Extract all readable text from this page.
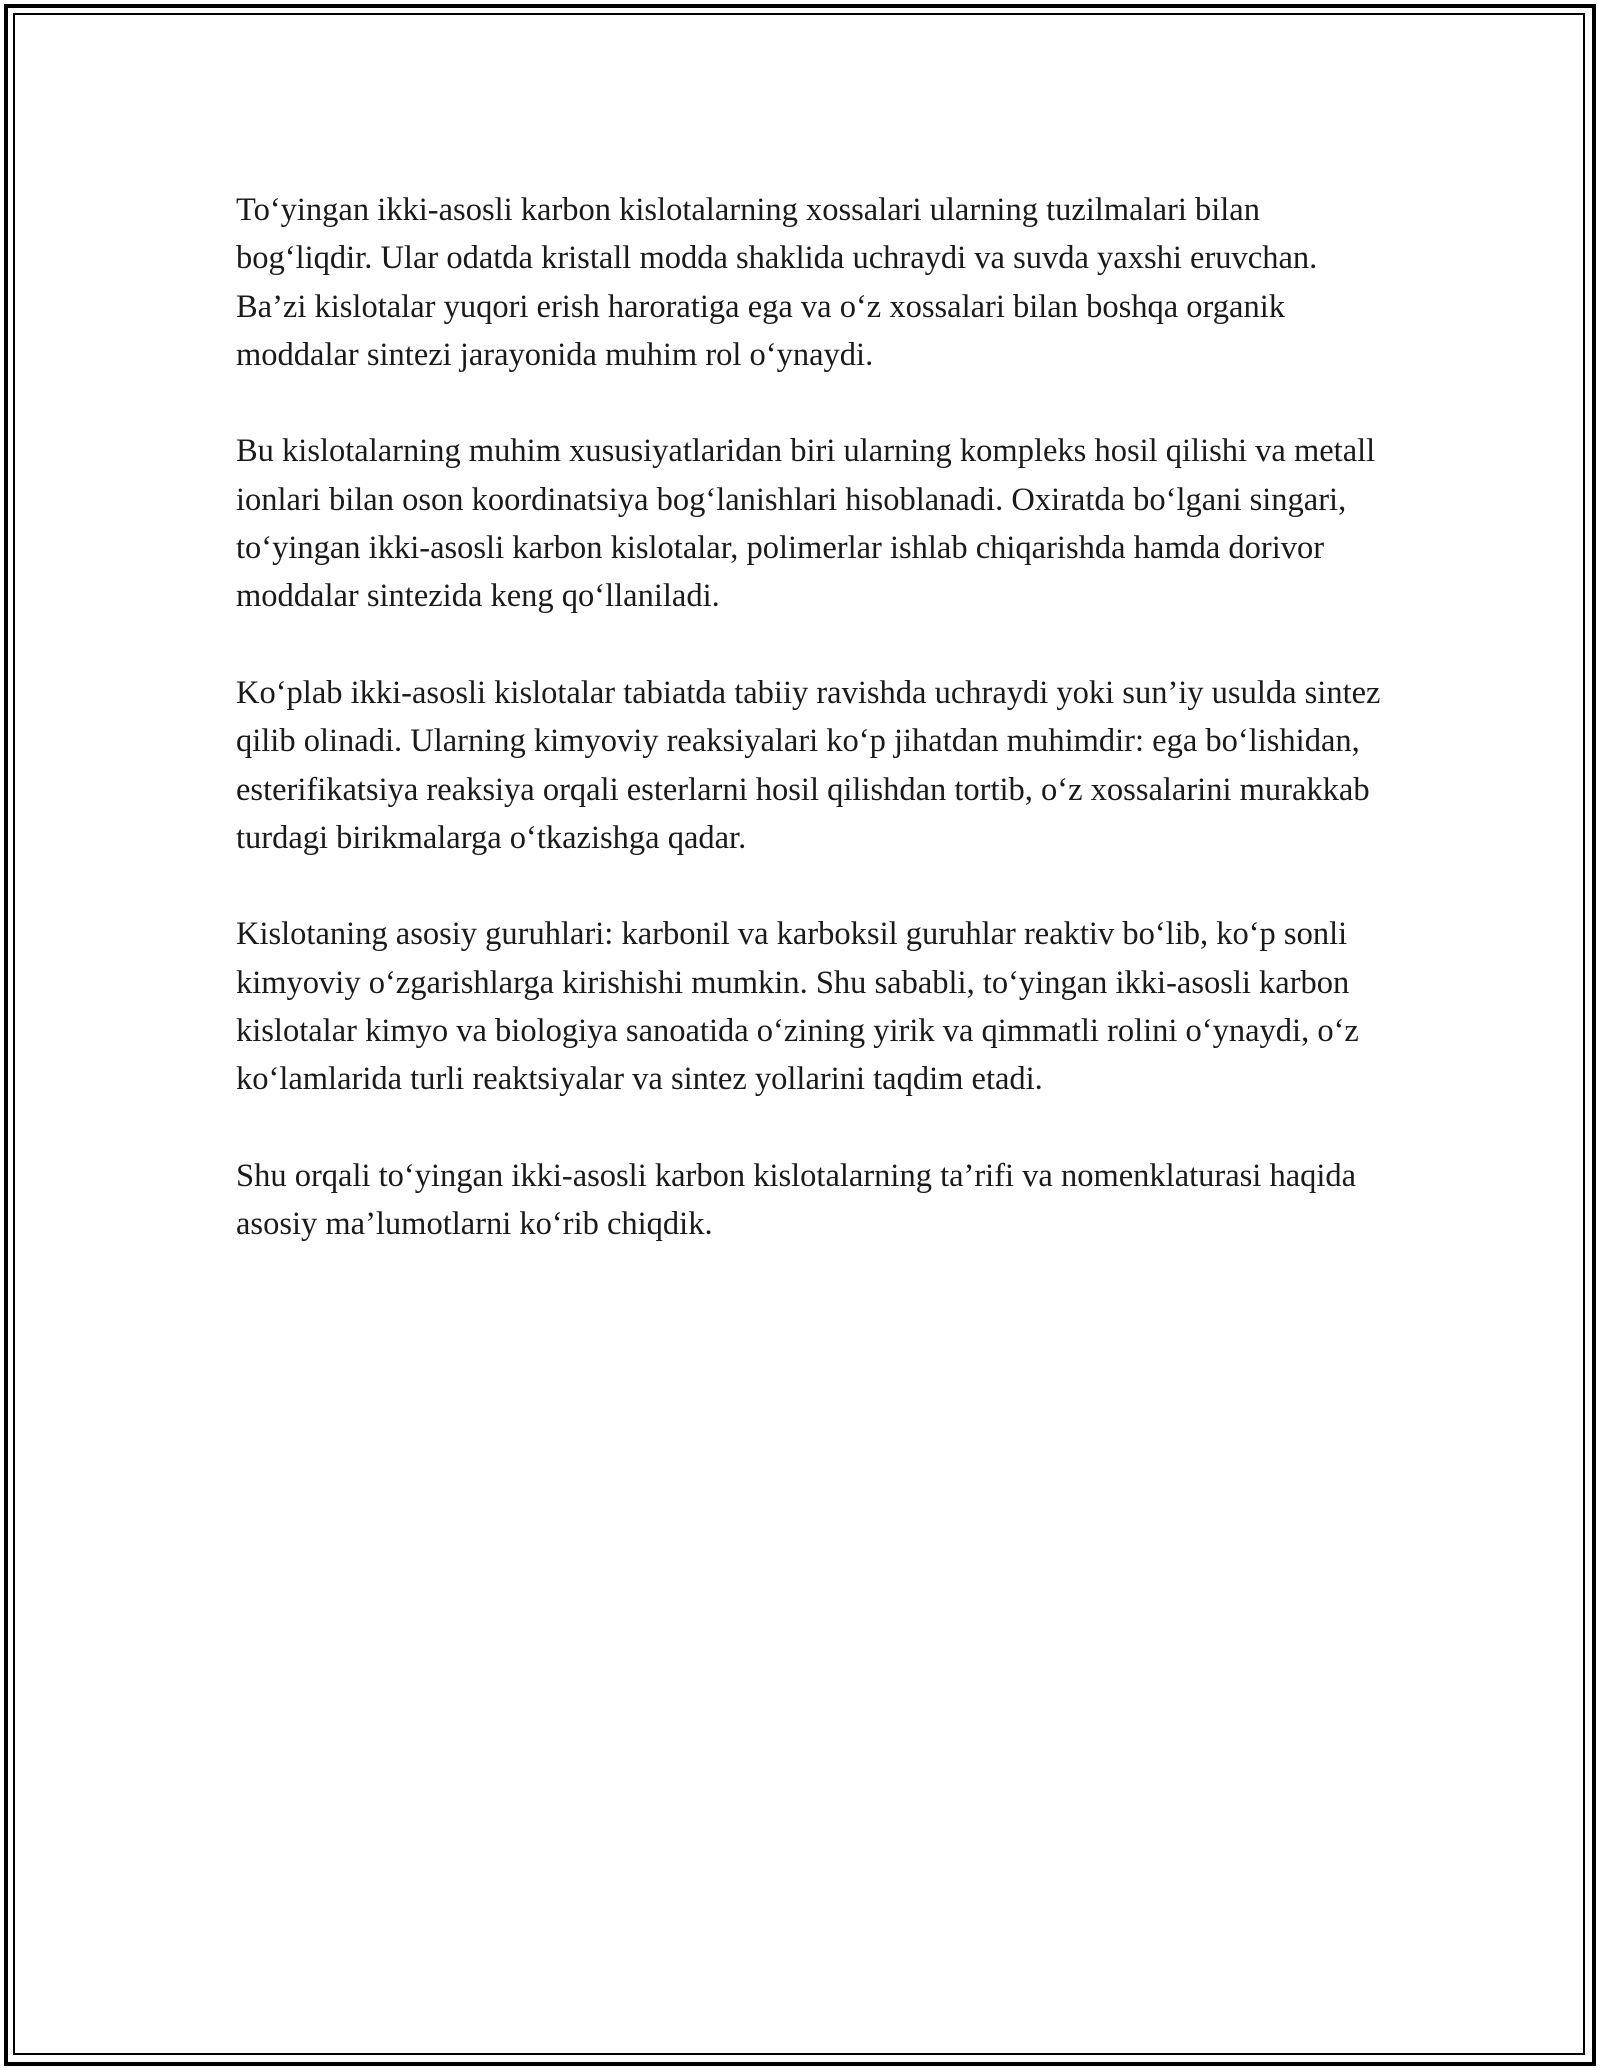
To‘yingan ikki-asosli karbon kislotalarning xossalari ularning tuzilmalari bilan bog‘liqdir. Ular odatda kristall modda shaklida uchraydi va suvda yaxshi eruvchan. Ba’zi kislotalar yuqori erish haroratiga ega va o‘z xossalari bilan boshqa organik moddalar sintezi jarayonida muhim rol o‘ynaydi.

Bu kislotalarning muhim xususiyatlaridan biri ularning kompleks hosil qilishi va metall ionlari bilan oson koordinatsiya bog‘lanishlari hisoblanadi. Oxiratda bo‘lgani singari, to‘yingan ikki-asosli karbon kislotalar, polimerlar ishlab chiqarishda hamda dorivor moddalar sintezida keng qo‘llaniladi.

Ko‘plab ikki-asosli kislotalar tabiatda tabiiy ravishda uchraydi yoki sun’iy usulda sintez qilib olinadi. Ularning kimyoviy reaksiyalari ko‘p jihatdan muhimdir: ega bo‘lishidan, esterifikatsiya reaksiya orqali esterlarni hosil qilishdan tortib, o‘z xossalarini murakkab turdagi birikmalarga o‘tkazishga qadar.

Kislotaning asosiy guruhlari: karbonil va karboksil guruhlar reaktiv bo‘lib, ko‘p sonli kimyoviy o‘zgarishlarga kirishishi mumkin. Shu sababli, to‘yingan ikki-asosli karbon kislotalar kimyo va biologiya sanoatida o‘zining yirik va qimmatli rolini o‘ynaydi, o‘z ko‘lamlarida turli reaktsiyalar va sintez yollarini taqdim etadi.

Shu orqali to‘yingan ikki-asosli karbon kislotalarning ta’rifi va nomenklaturasi haqida asosiy ma’lumotlarni ko‘rib chiqdik.
